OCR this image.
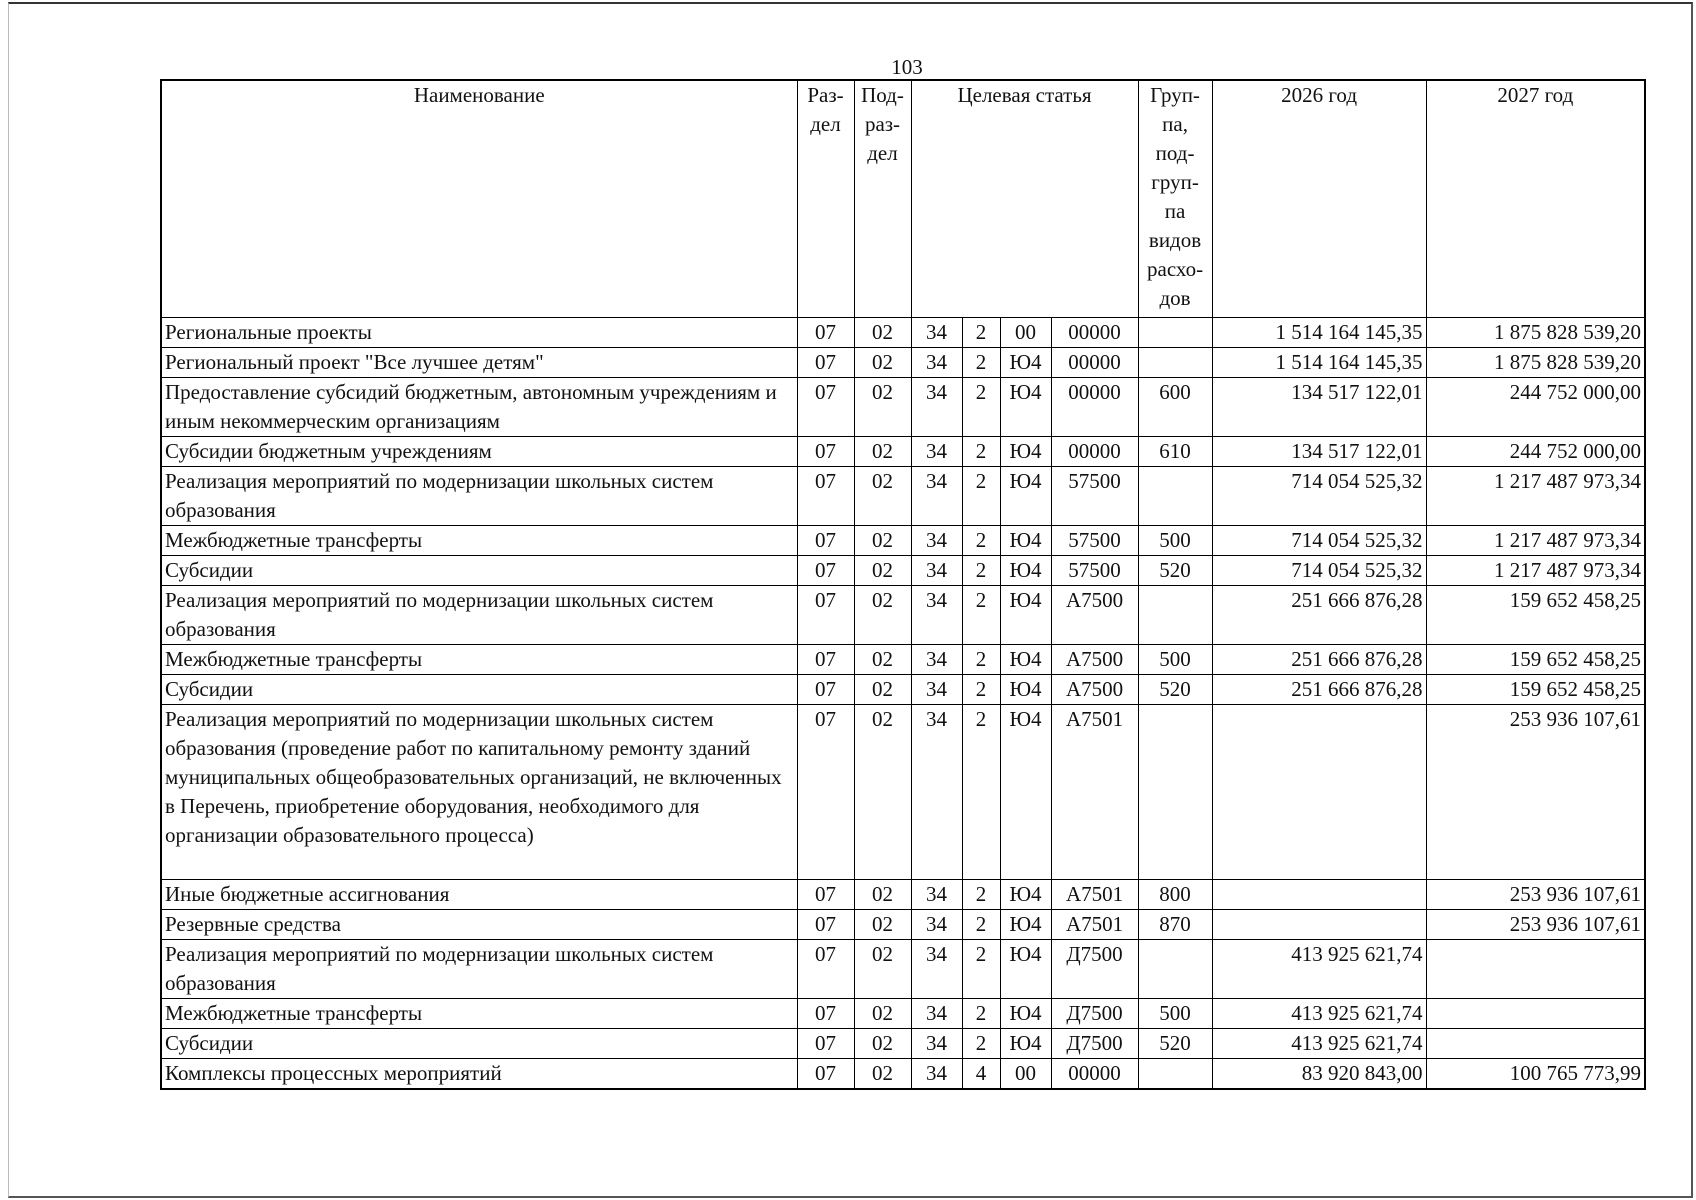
103
Наименование	Раз- дел	Под- раз- дел	Целевая статья				Груп- па, под- груп- па видов расхо- дов	2026 год	2027 год
Региональные проекты	07	02	34	2	00	00000		1 514 164 145,35	1 875 828 539,20
Региональный проект "Все лучшее детям"	07	02	34	2	Ю4	00000		1 514 164 145,35	1 875 828 539,20
Предоставление субсидий бюджетным, автономным учреждениям и иным некоммерческим организациям	07	02	34	2	Ю4	00000	600	134 517 122,01	244 752 000,00
Субсидии бюджетным учреждениям	07	02	34	2	Ю4	00000	610	134 517 122,01	244 752 000,00
Реализация мероприятий по модернизации школьных систем образования	07	02	34	2	Ю4	57500		714 054 525,32	1 217 487 973,34
Межбюджетные трансферты	07	02	34	2	Ю4	57500	500	714 054 525,32	1 217 487 973,34
Субсидии	07	02	34	2	Ю4	57500	520	714 054 525,32	1 217 487 973,34
Реализация мероприятий по модернизации школьных систем образования	07	02	34	2	Ю4	А7500		251 666 876,28	159 652 458,25
Межбюджетные трансферты	07	02	34	2	Ю4	А7500	500	251 666 876,28	159 652 458,25
Субсидии	07	02	34	2	Ю4	А7500	520	251 666 876,28	159 652 458,25
Реализация мероприятий по модернизации школьных систем образования (проведение работ по капитальному ремонту зданий муниципальных общеобразовательных организаций, не включенных в Перечень, приобретение оборудования, необходимого для организации образовательного процесса)	07	02	34	2	Ю4	А7501			253 936 107,61
Иные бюджетные ассигнования	07	02	34	2	Ю4	А7501	800		253 936 107,61
Резервные средства	07	02	34	2	Ю4	А7501	870		253 936 107,61
Реализация мероприятий по модернизации школьных систем образования	07	02	34	2	Ю4	Д7500		413 925 621,74	
Межбюджетные трансферты	07	02	34	2	Ю4	Д7500	500	413 925 621,74	
Субсидии	07	02	34	2	Ю4	Д7500	520	413 925 621,74	
Комплексы процессных мероприятий	07	02	34	4	00	00000		83 920 843,00	100 765 773,99
